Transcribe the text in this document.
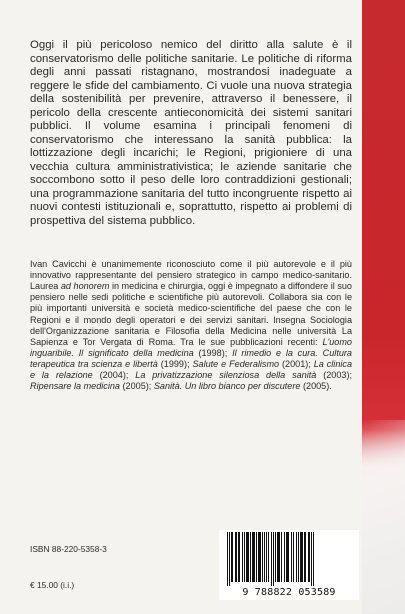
Oggi il più pericoloso nemico del diritto alla salute è il conservatorismo delle politiche sanitarie. Le politiche di riforma degli anni passati ristagnano, mostrandosi inadeguate a reggere le sfide del cambiamento. Ci vuole una nuova strategia della sostenibilità per prevenire, attraverso il benessere, il pericolo della crescente antieconomicità dei sistemi sanitari pubblici. Il volume esamina i principali fenomeni di conservatorismo che interessano la sanità pubblica: la lottizzazione degli incarichi; le Regioni, prigioniere di una vecchia cultura amministrativistica; le aziende sanitarie che soccombono sotto il peso delle loro contraddizioni gestionali; una programmazione sanitaria del tutto incongruente rispetto ai nuovi contesti istituzionali e, soprattutto, rispetto ai problemi di prospettiva del sistema pubblico.

Ivan Cavicchi è unanimemente riconosciuto come il più autorevole e il più innovativo rappresentante del pensiero strategico in campo medico-sanitario. Laurea ad honorem in medicina e chirurgia, oggi è impegnato a diffondere il suo pensiero nelle sedi politiche e scientifiche più autorevoli. Collabora sia con le più importanti università e società medico-scientifiche del paese che con le Regioni e il mondo degli operatori e dei servizi sanitari. Insegna Sociologia dell'Organizzazione sanitaria e Filosofia della Medicina nelle università La Sapienza e Tor Vergata di Roma. Tra le sue pubblicazioni recenti: L'uomo inguaribile. Il significato della medicina (1998); Il rimedio e la cura. Cultura terapeutica tra scienza e libertà (1999); Salute e Federalismo (2001); La clinica e la relazione (2004); La privatizzazione silenziosa della sanità (2003); Ripensare la medicina (2005); Sanità. Un libro bianco per discutere (2005).

ISBN 88-220-5358-3
€ 15.00 (i.i.)
9 788822 053589
